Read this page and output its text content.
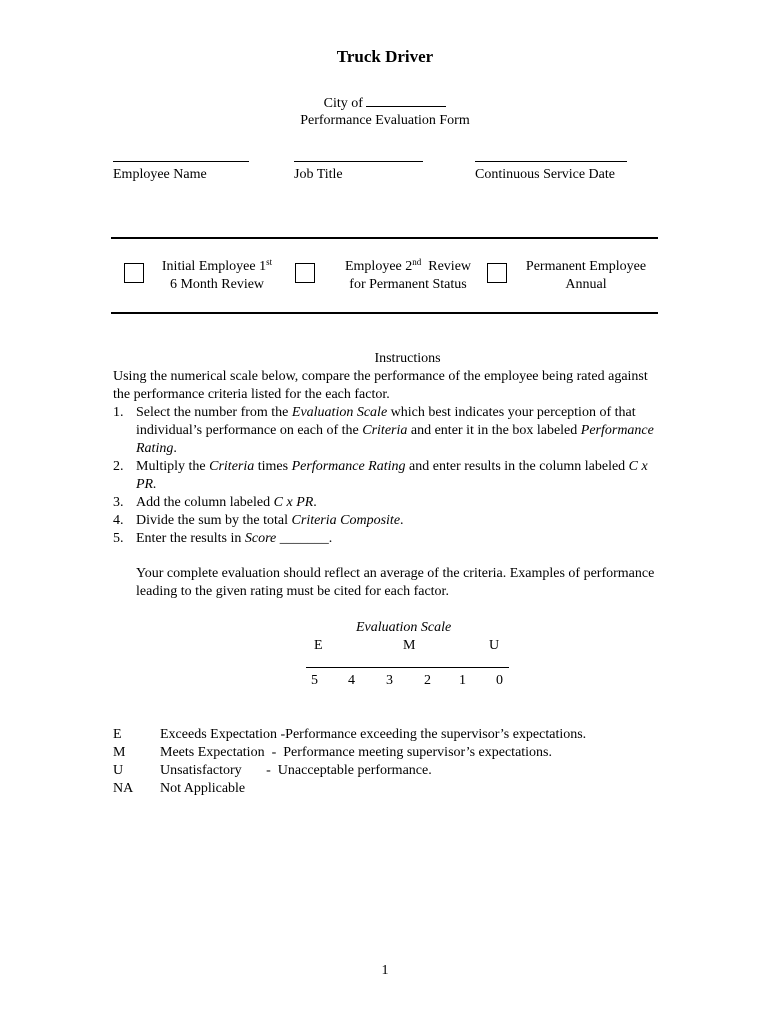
Truck Driver
City of
Performance Evaluation Form
Employee Name	Job Title	Continuous Service Date
Initial Employee 1st
6 Month Review
Employee 2nd Review
for Permanent Status
Permanent Employee
Annual
Instructions
Using the numerical scale below, compare the performance of the employee being rated against the performance criteria listed for the each factor.
1. Select the number from the Evaluation Scale which best indicates your perception of that individual’s performance on each of the Criteria and enter it in the box labeled Performance Rating.
2. Multiply the Criteria times Performance Rating and enter results in the column labeled C x PR.
3. Add the column labeled C x PR.
4. Divide the sum by the total Criteria Composite.
5. Enter the results in Score _______.
Your complete evaluation should reflect an average of the criteria. Examples of performance leading to the given rating must be cited for each factor.
Evaluation Scale
E	M	U
5 4 3 2 1 0

E	Exceeds Expectation -Performance exceeding the supervisor’s expectations.

M Meets Expectation  -  Performance meeting supervisor’s expectations.

U	Unsatisfactory       -  Unacceptable performance.

NA Not Applicable

1
